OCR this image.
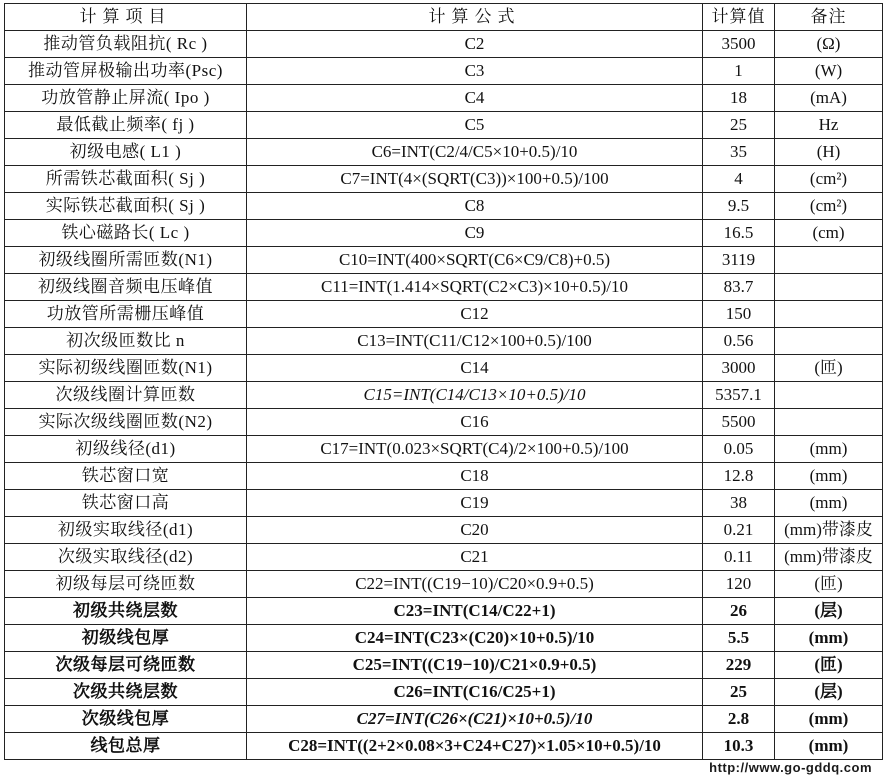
计算项目	计算公式	计算值	备注
推动管负载阻抗( Rc )	C2	3500	(Ω)
推动管屏极输出功率(Psc)	C3	1	(W)
功放管静止屏流( Ipo )	C4	18	(mA)
最低截止频率( fj )	C5	25	Hz
初级电感( L1 )	C6=INT(C2/4/C5×10+0.5)/10	35	(H)
所需铁芯截面积( Sj )	C7=INT(4×(SQRT(C3))×100+0.5)/100	4	(cm²)
实际铁芯截面积( Sj )	C8	9.5	(cm²)
铁心磁路长( Lc )	C9	16.5	(cm)
初级线圈所需匝数(N1)	C10=INT(400×SQRT(C6×C9/C8)+0.5)	3119	
初级线圈音频电压峰值	C11=INT(1.414×SQRT(C2×C3)×10+0.5)/10	83.7	
功放管所需栅压峰值	C12	150	
初次级匝数比 n	C13=INT(C11/C12×100+0.5)/100	0.56	
实际初级线圈匝数(N1)	C14	3000	(匝)
次级线圈计算匝数	C15=INT(C14/C13×10+0.5)/10	5357.1	
实际次级线圈匝数(N2)	C16	5500	
初级线径(d1)	C17=INT(0.023×SQRT(C4)/2×100+0.5)/100	0.05	(mm)
铁芯窗口宽	C18	12.8	(mm)
铁芯窗口高	C19	38	(mm)
初级实取线径(d1)	C20	0.21	(mm)带漆皮
次级实取线径(d2)	C21	0.11	(mm)带漆皮
初级每层可绕匝数	C22=INT((C19−10)/C20×0.9+0.5)	120	(匝)
初级共绕层数	C23=INT(C14/C22+1)	26	(层)
初级线包厚	C24=INT(C23×(C20)×10+0.5)/10	5.5	(mm)
次级每层可绕匝数	C25=INT((C19−10)/C21×0.9+0.5)	229	(匝)
次级共绕层数	C26=INT(C16/C25+1)	25	(层)
次级线包厚	C27=INT(C26×(C21)×10+0.5)/10	2.8	(mm)
线包总厚	C28=INT((2+2×0.08×3+C24+C27)×1.05×10+0.5)/10	10.3	(mm)
http://www.go-gddq.com
